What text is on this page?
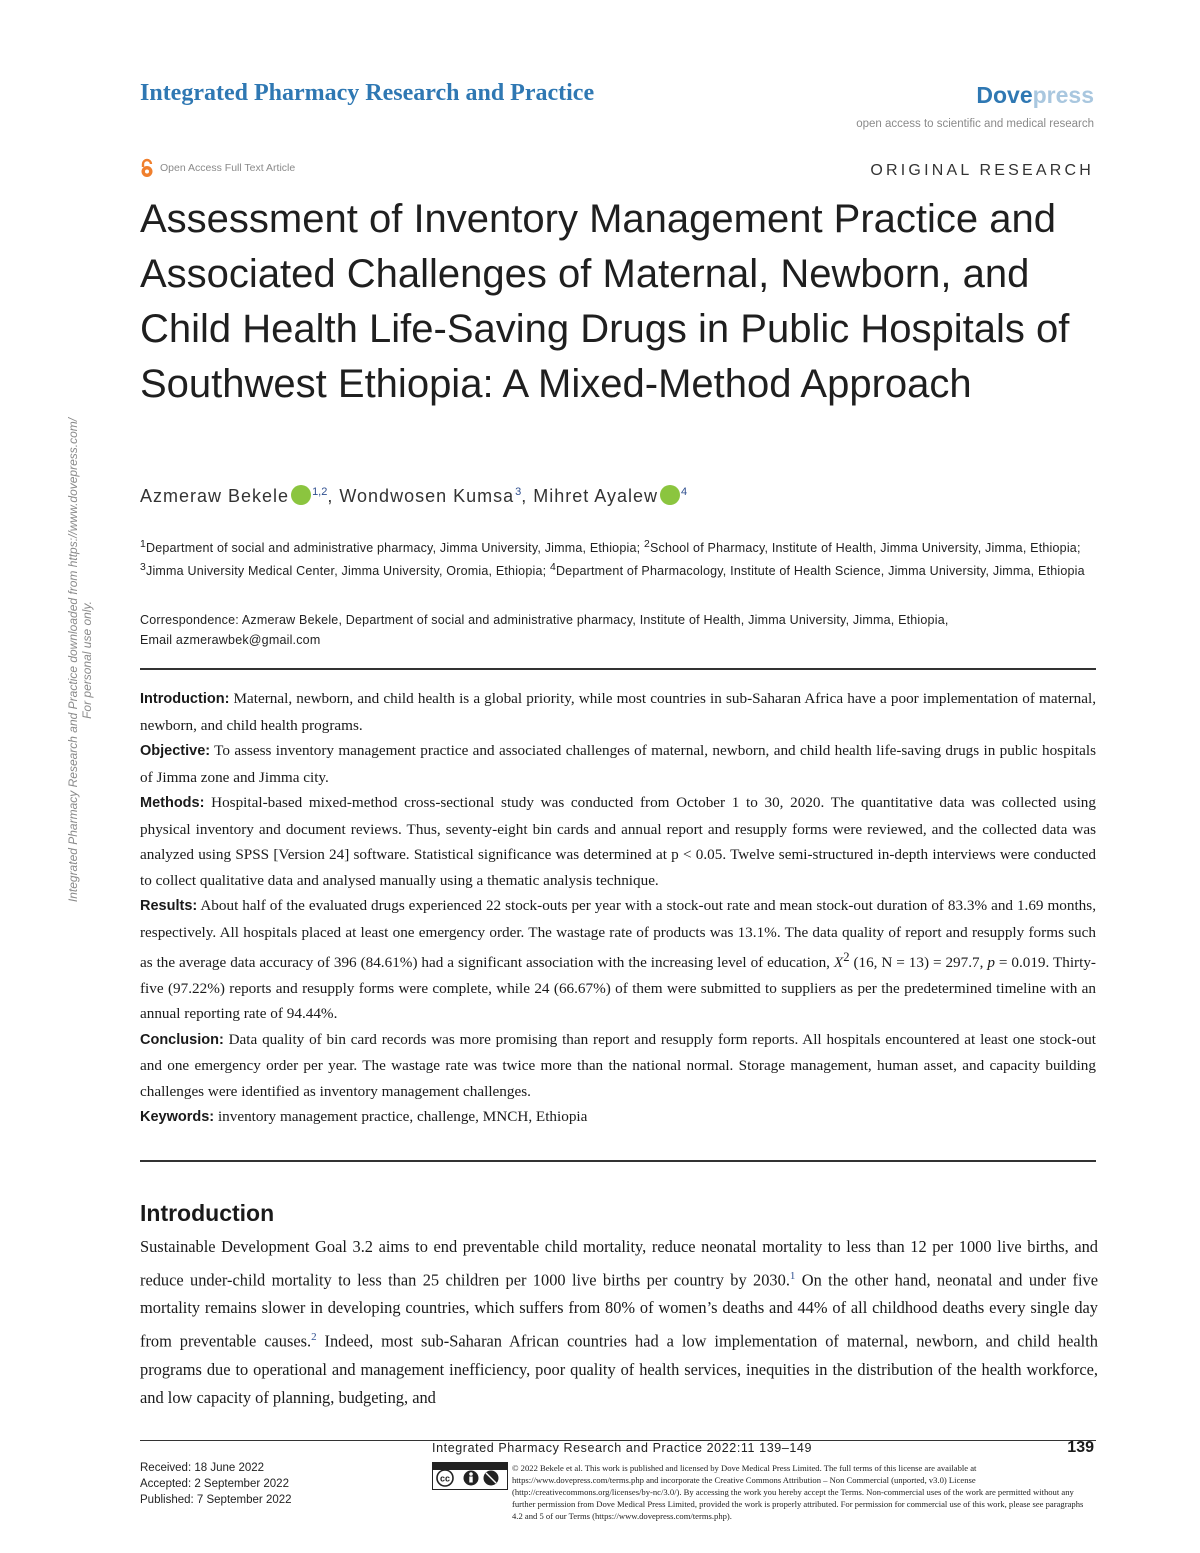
Integrated Pharmacy Research and Practice	Dovepress
open access to scientific and medical research
Open Access Full Text Article	ORIGINAL RESEARCH
Assessment of Inventory Management Practice and Associated Challenges of Maternal, Newborn, and Child Health Life-Saving Drugs in Public Hospitals of Southwest Ethiopia: A Mixed-Method Approach
Azmeraw Bekele $^{1,2}$, Wondwosen Kumsa$^3$, Mihret Ayalew $^4$
$^1$Department of social and administrative pharmacy, Jimma University, Jimma, Ethiopia; $^2$School of Pharmacy, Institute of Health, Jimma University, Jimma, Ethiopia; $^3$Jimma University Medical Center, Jimma University, Oromia, Ethiopia; $^4$Department of Pharmacology, Institute of Health Science, Jimma University, Jimma, Ethiopia
Correspondence: Azmeraw Bekele, Department of social and administrative pharmacy, Institute of Health, Jimma University, Jimma, Ethiopia,
Email azmerawbek@gmail.com

Introduction: Maternal, newborn, and child health is a global priority, while most countries in sub-Saharan Africa have a poor implementation of maternal, newborn, and child health programs.

Objective: To assess inventory management practice and associated challenges of maternal, newborn, and child health life-saving drugs in public hospitals of Jimma zone and Jimma city.

Methods: Hospital-based mixed-method cross-sectional study was conducted from October 1 to 30, 2020. The quantitative data was collected using physical inventory and document reviews. Thus, seventy-eight bin cards and annual report and resupply forms were reviewed, and the collected data was analyzed using SPSS [Version 24] software. Statistical significance was determined at p < 0.05. Twelve semi-structured in-depth interviews were conducted to collect qualitative data and analysed manually using a thematic analysis technique.

Results: About half of the evaluated drugs experienced 22 stock-outs per year with a stock-out rate and mean stock-out duration of 83.3% and 1.69 months, respectively. All hospitals placed at least one emergency order. The wastage rate of products was 13.1%. The data quality of report and resupply forms such as the average data accuracy of 396 (84.61%) had a significant association with the increasing level of education, $X^2$ (16, N = 13) = 297.7, p = 0.019. Thirty-five (97.22%) reports and resupply forms were complete, while 24 (66.67%) of them were submitted to suppliers as per the predetermined timeline with an annual reporting rate of 94.44%.

Conclusion: Data quality of bin card records was more promising than report and resupply form reports. All hospitals encountered at least one stock-out and one emergency order per year. The wastage rate was twice more than the national normal. Storage management, human asset, and capacity building challenges were identified as inventory management challenges.

Keywords: inventory management practice, challenge, MNCH, Ethiopia

Introduction

Sustainable Development Goal 3.2 aims to end preventable child mortality, reduce neonatal mortality to less than 12 per 1000 live births, and reduce under-child mortality to less than 25 children per 1000 live births per country by 2030.$^1$ On the other hand, neonatal and under five mortality remains slower in developing countries, which suffers from 80% of women’s deaths and 44% of all childhood deaths every single day from preventable causes.$^2$ Indeed, most sub-Saharan African countries had a low implementation of maternal, newborn, and child health programs due to operational and management inefficiency, poor quality of health services, inequities in the distribution of the health workforce, and low capacity of planning, budgeting, and

Integrated Pharmacy Research and Practice downloaded from https://www.dovepress.com/ For personal use only.
Integrated Pharmacy Research and Practice 2022:11 139–149	139
Received: 18 June 2022
Accepted: 2 September 2022
Published: 7 September 2022
cc
© 2022 Bekele et al. This work is published and licensed by Dove Medical Press Limited. The full terms of this license are available at https://www.dovepress.com/terms.php and incorporate the Creative Commons Attribution – Non Commercial (unported, v3.0) License (http://creativecommons.org/licenses/by-nc/3.0/). By accessing the work you hereby accept the Terms. Non-commercial uses of the work are permitted without any further permission from Dove Medical Press Limited, provided the work is properly attributed. For permission for commercial use of this work, please see paragraphs 4.2 and 5 of our Terms (https://www.dovepress.com/terms.php).
